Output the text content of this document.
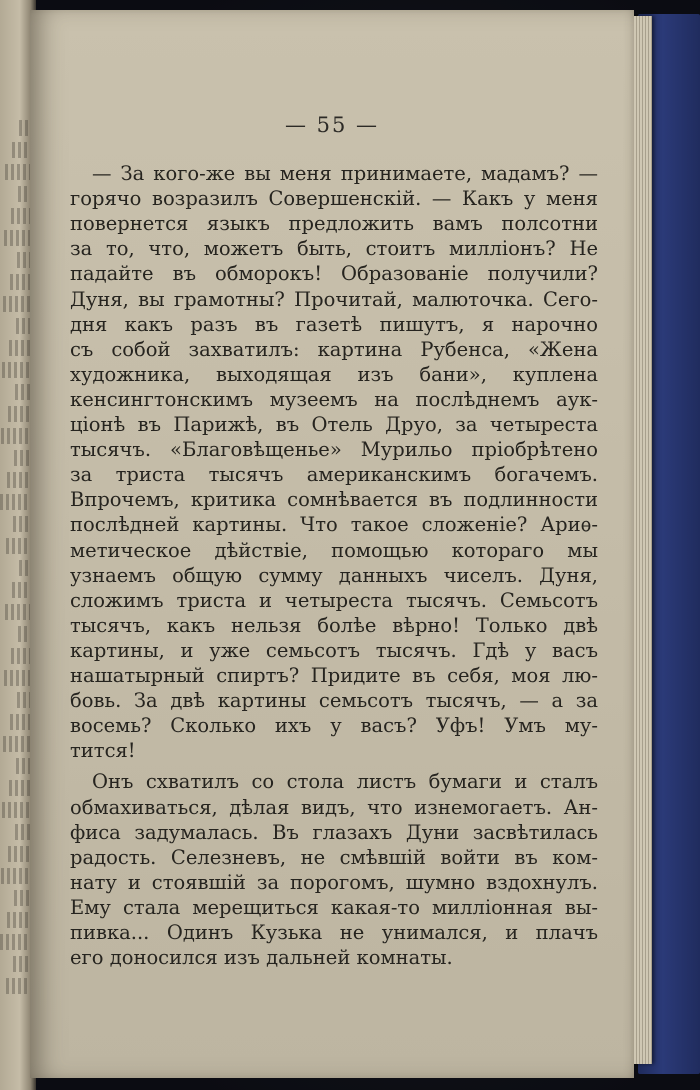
— 55 —
— За кого-же вы меня принимаете, мадамъ? —
горячо возразилъ Совершенскій. — Какъ у меня
повернется языкъ предложить вамъ полсотни
за то, что, можетъ быть, стоитъ милліонъ? Не
падайте въ обморокъ! Образованіе получили?
Дуня, вы грамотны? Прочитай, малюточка. Сего-
дня какъ разъ въ газетѣ пишутъ, я нарочно
съ собой захватилъ: картина Рубенса, «Жена
художника, выходящая изъ бани», куплена
кенсингтонскимъ музеемъ на послѣднемъ аук-
ціонѣ въ Парижѣ, въ Отель Друо, за четыреста
тысячъ. «Благовѣщенье» Мурильо пріобрѣтено
за триста тысячъ американскимъ богачемъ.
Впрочемъ, критика сомнѣвается въ подлинности
послѣдней картины. Что такое сложеніе? Ариѳ-
метическое дѣйствіе, помощью котораго мы
узнаемъ общую сумму данныхъ чиселъ. Дуня,
сложимъ триста и четыреста тысячъ. Семьсотъ
тысячъ, какъ нельзя болѣе вѣрно! Только двѣ
картины, и уже семьсотъ тысячъ. Гдѣ у васъ
нашатырный спиртъ? Придите въ себя, моя лю-
бовь. За двѣ картины семьсотъ тысячъ, — а за
восемь? Сколько ихъ у васъ? Уфъ! Умъ му-
тится!
Онъ схватилъ со стола листъ бумаги и сталъ
обмахиваться, дѣлая видъ, что изнемогаетъ. Ан-
фиса задумалась. Въ глазахъ Дуни засвѣтилась
радость. Селезневъ, не смѣвшій войти въ ком-
нату и стоявшій за порогомъ, шумно вздохнулъ.
Ему стала мерещиться какая-то милліонная вы-
пивка... Одинъ Кузька не унимался, и плачъ
его доносился изъ дальней комнаты.
